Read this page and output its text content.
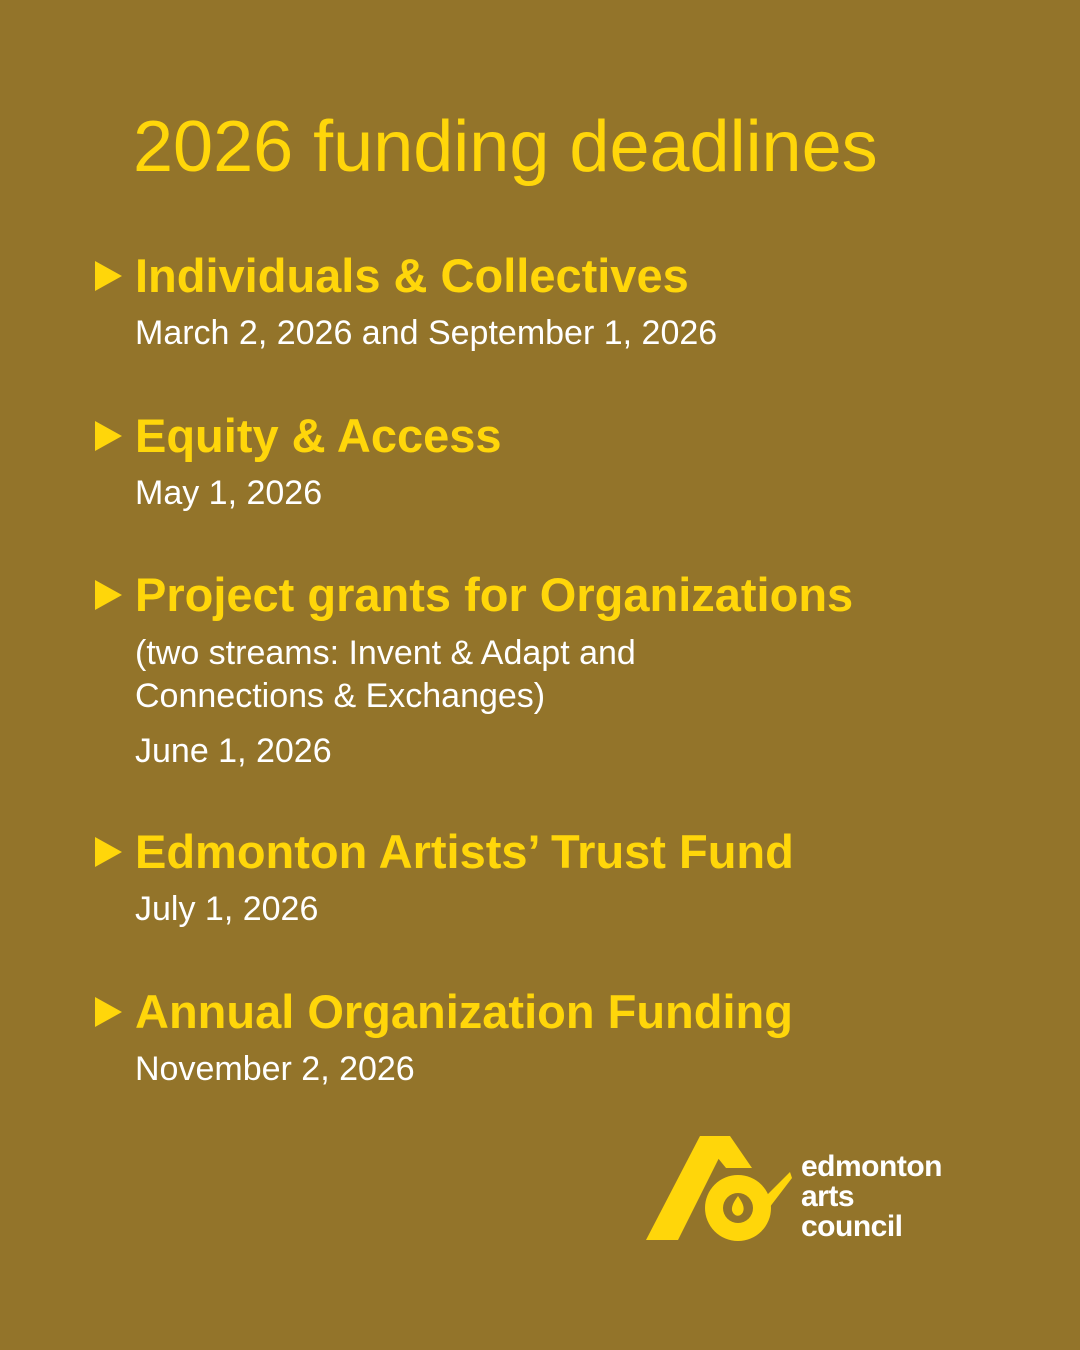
2026 funding deadlines
Individuals & Collectives

March 2, 2026 and September 1, 2026

Equity & Access

May 1, 2026

Project grants for Organizations

(two streams: Invent & Adapt and

Connections & Exchanges)

June 1, 2026

Edmonton Artists’ Trust Fund

July 1, 2026

Annual Organization Funding

November 2, 2026

edmonton
arts
council
